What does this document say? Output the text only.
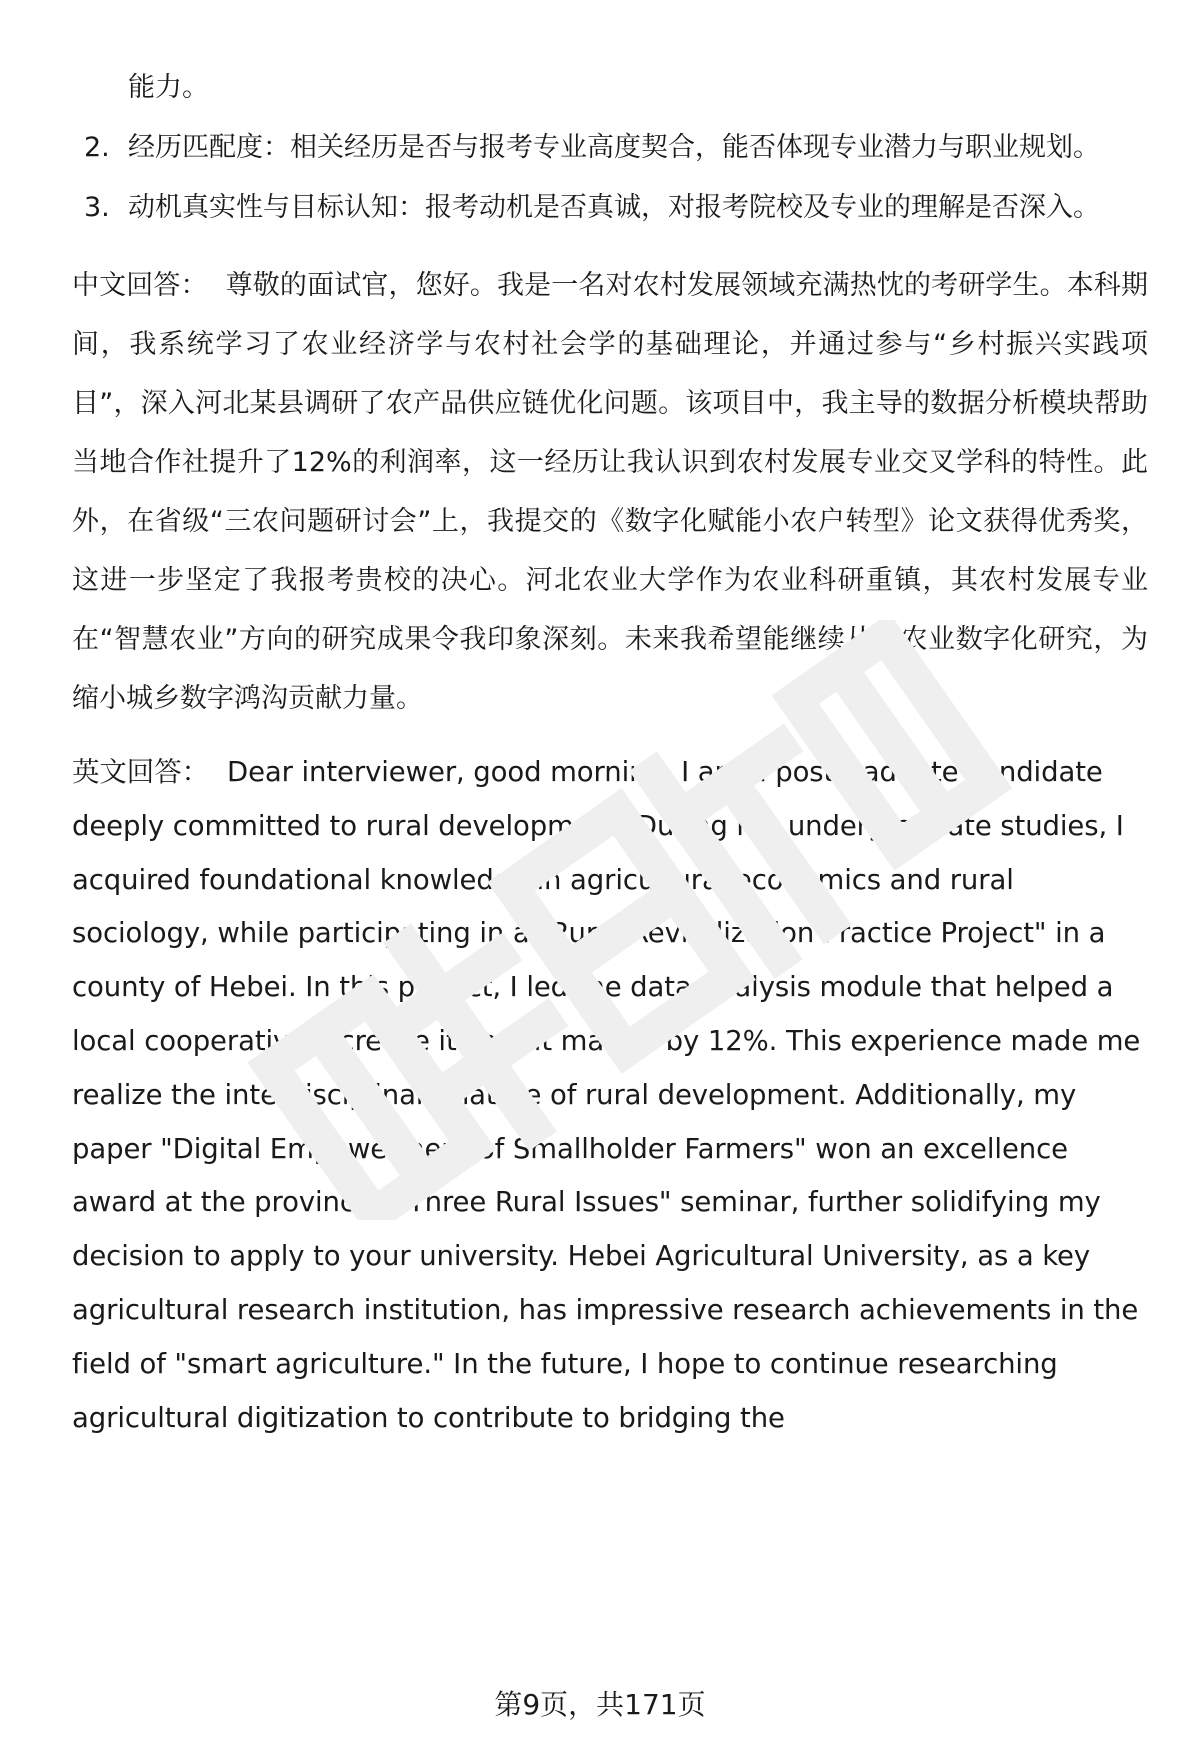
能力。

2. 经历匹配度：相关经历是否与报考专业高度契合，能否体现专业潜力与职业规划。
3. 动机真实性与目标认知：报考动机是否真诚，对报考院校及专业的理解是否深入。

中文回答： 尊敬的面试官，您好。我是一名对农村发展领域充满热忱的考研学生。本科期间，我系统学习了农业经济学与农村社会学的基础理论，并通过参与“乡村振兴实践项目”，深入河北某县调研了农产品供应链优化问题。该项目中，我主导的数据分析模块帮助当地合作社提升了12%的利润率，这一经历让我认识到农村发展专业交叉学科的特性。此外，在省级“三农问题研讨会”上，我提交的《数字化赋能小农户转型》论文获得优秀奖，这进一步坚定了我报考贵校的决心。河北农业大学作为农业科研重镇，其农村发展专业在“智慧农业”方向的研究成果令我印象深刻。未来我希望能继续从事农业数字化研究，为缩小城乡数字鸿沟贡献力量。

英文回答： Dear interviewer, good morning. I am a postgraduate candidate deeply committed to rural development. During my undergraduate studies, I acquired foundational knowledge in agricultural economics and rural sociology, while participating in a "Rural Revitalization Practice Project" in a county of Hebei. In this project, I led the data analysis module that helped a local cooperative increase its profit margin by 12%. This experience made me realize the interdisciplinary nature of rural development. Additionally, my paper "Digital Empowerment of Smallholder Farmers" won an excellence award at the provincial "Three Rural Issues" seminar, further solidifying my decision to apply to your university. Hebei Agricultural University, as a key agricultural research institution, has impressive research achievements in the field of "smart agriculture." In the future, I hope to continue researching agricultural digitization to contribute to bridging the

第9页，共171页
